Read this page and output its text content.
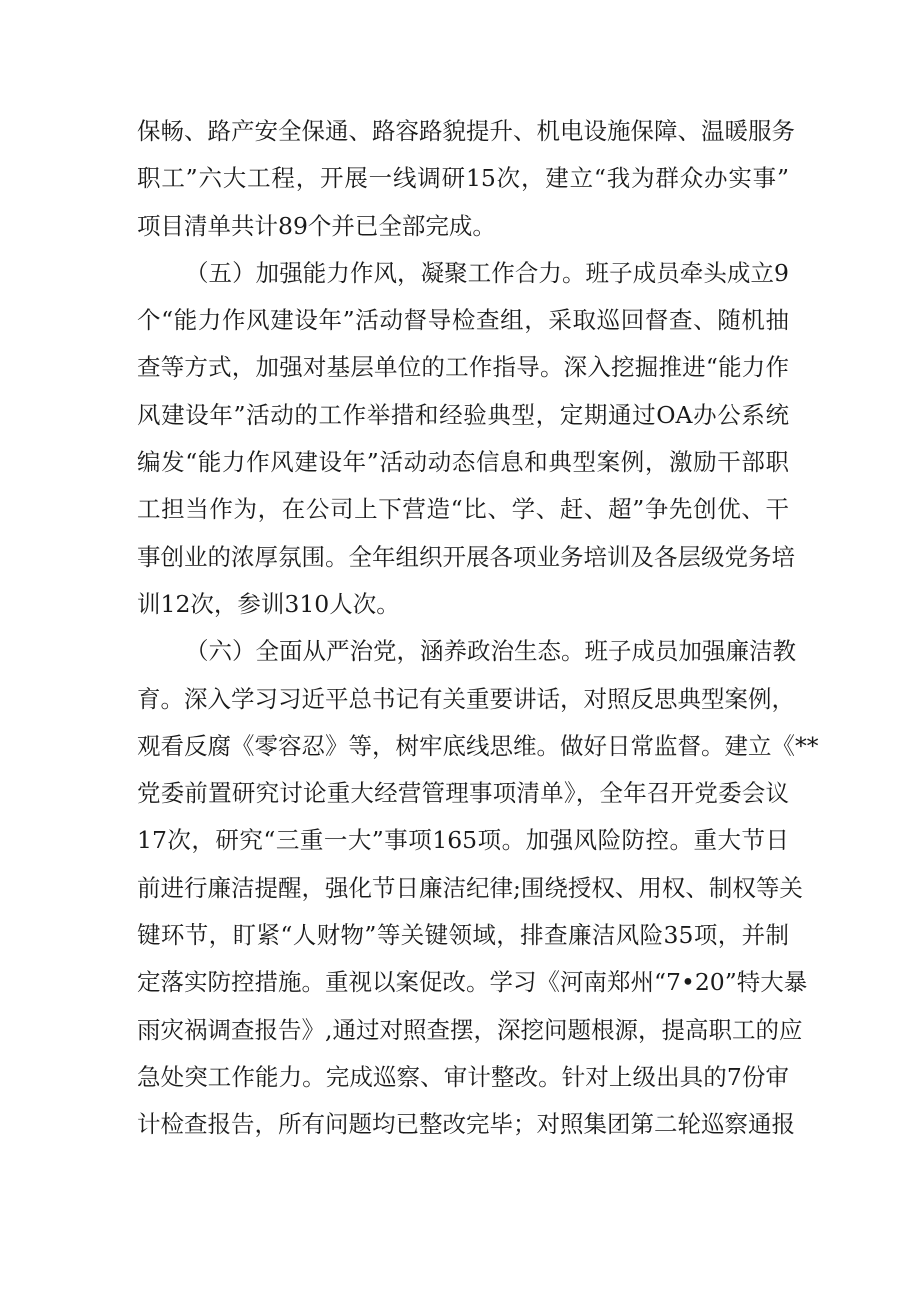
保畅、路产安全保通、路容路貌提升、机电设施保障、温暖服务
职工”六大工程，开展一线调研15次，建立“我为群众办实事”
项目清单共计89个并已全部完成。
（五）加强能力作风，凝聚工作合力。班子成员牵头成立9
个“能力作风建设年”活动督导检查组，采取巡回督查、随机抽
查等方式，加强对基层单位的工作指导。深入挖掘推进“能力作
风建设年”活动的工作举措和经验典型，定期通过OA办公系统
编发“能力作风建设年”活动动态信息和典型案例，激励干部职
工担当作为，在公司上下营造“比、学、赶、超”争先创优、干
事创业的浓厚氛围。全年组织开展各项业务培训及各层级党务培
训12次，参训310人次。
（六）全面从严治党，涵养政治生态。班子成员加强廉洁教
育。深入学习习近平总书记有关重要讲话，对照反思典型案例，
观看反腐《零容忍》等，树牢底线思维。做好日常监督。建立《**
党委前置研究讨论重大经营管理事项清单》，全年召开党委会议
17次，研究“三重一大”事项165项。加强风险防控。重大节日
前进行廉洁提醒，强化节日廉洁纪律;围绕授权、用权、制权等关
键环节，盯紧“人财物”等关键领域，排查廉洁风险35项，并制
定落实防控措施。重视以案促改。学习《河南郑州“7•20”特大暴
雨灾祸调查报告》,通过对照查摆，深挖问题根源，提高职工的应
急处突工作能力。完成巡察、审计整改。针对上级出具的7份审
计检查报告，所有问题均已整改完毕；对照集团第二轮巡察通报
